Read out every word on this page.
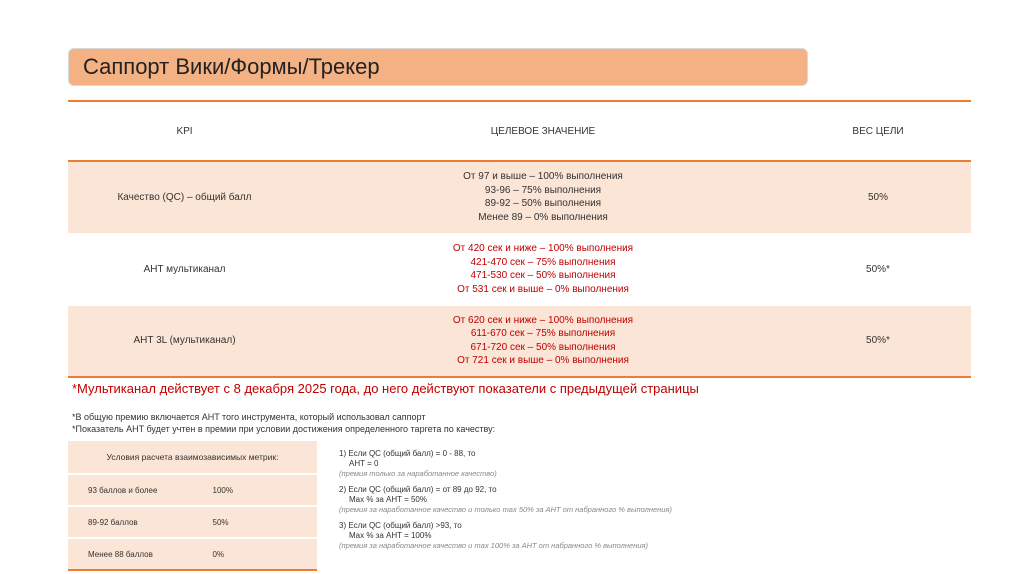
Саппорт Вики/Формы/Трекер
KPI	ЦЕЛЕВОЕ ЗНАЧЕНИЕ	ВЕС ЦЕЛИ
Качество (QC) – общий балл	От 97 и выше – 100% выполнения
93-96 – 75% выполнения
89-92 – 50% выполнения
Менее 89 – 0% выполнения	50%
AHT мультиканал	От 420 сек и ниже – 100% выполнения
421-470 сек – 75% выполнения
471-530 сек – 50% выполнения
От 531 сек и выше – 0% выполнения	50%*
AHT 3L (мультиканал)	От 620 сек и ниже – 100% выполнения
611-670 сек – 75% выполнения
671-720 сек – 50% выполнения
От 721 сек и выше – 0% выполнения	50%*
*Мультиканал действует с 8 декабря 2025 года, до него действуют показатели с предыдущей страницы
*В общую премию включается AHT того инструмента, который использовал саппорт
*Показатель AHT будет учтен в премии при условии достижения определенного таргета по качеству:
Условия расчета взаимозависимых метрик:	
93 баллов и более	100%
89-92 баллов	50%
Менее 88 баллов	0%
1) Если QC (общий балл) = 0 - 88, то
AHT = 0
(премия только за наработанное качество)
2) Если QC (общий балл) = от 89 до 92, то
Max % за AHT = 50%
(премия за наработанное качество и только max 50% за AHT от набранного % выполнения)
3) Если QC (общий балл) >93, то
Max % за AHT = 100%
(премия за наработанное качество и max 100% за AHT от набранного % выполнения)
